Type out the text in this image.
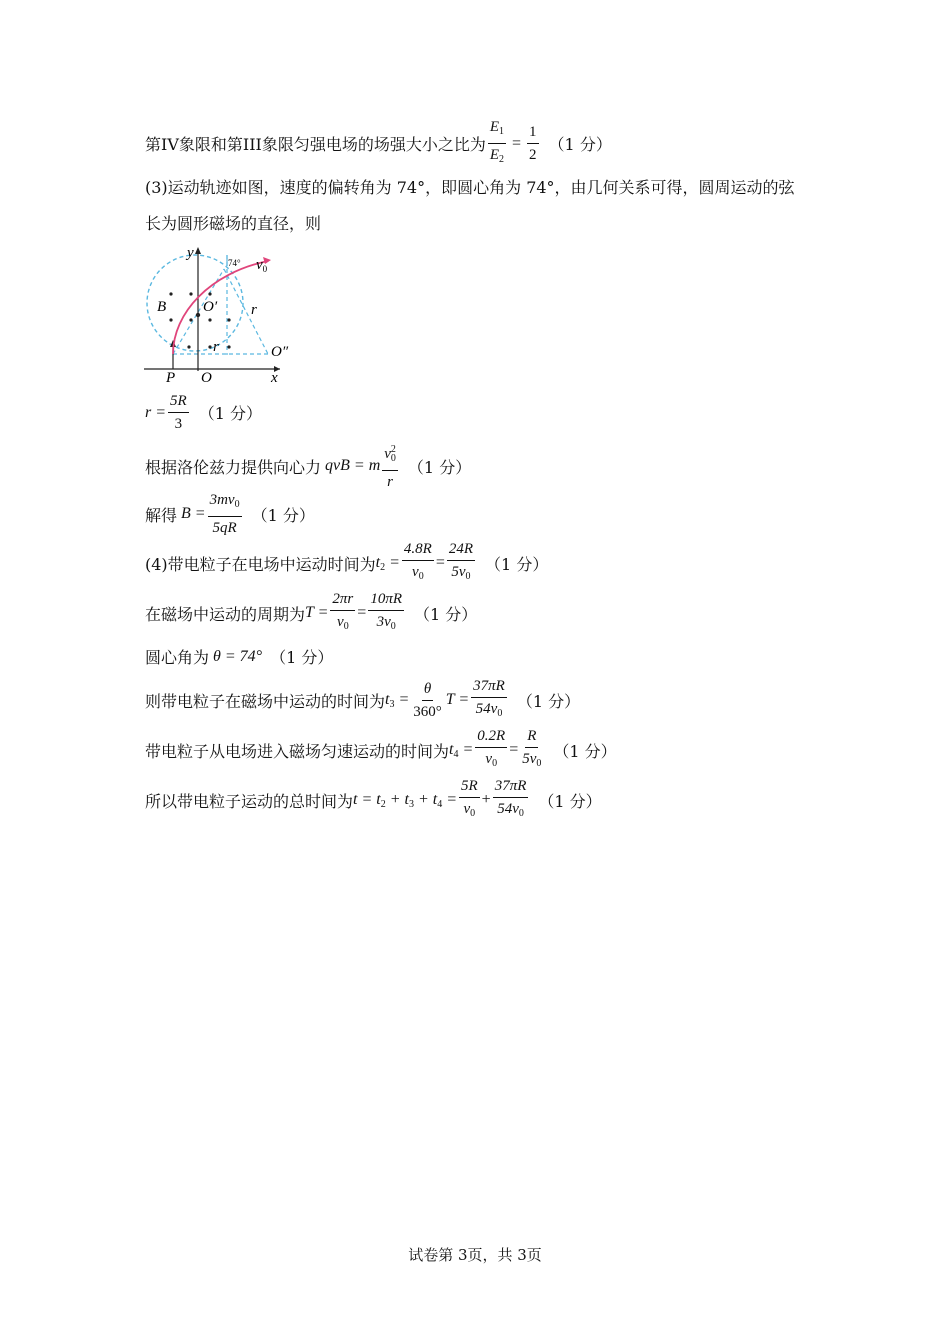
第IV象限和第III象限匀强电场的场强大小之比为 $\frac{E_1}{E_2} = \frac{1}{2} (1$ 分）
(3)运动轨迹如图，速度的偏转角为 74°，即圆心角为 74°，由几何关系可得，圆周运动的弦
长为圆形磁场的直径，则
y
x
74° $v_0$
B O′ r
r	O″
P O
$r = \frac{5R}{3} (1$ 分）
根据洛伦兹力提供向心力 qvB = m $\frac{v_0^2}{r} (1$ 分）
解得 $B = \frac{3mv_0}{5qR} (1$ 分）
(4)带电粒子在电场中运动时间为 $t_2 = \frac{4.8R}{v_0} = \frac{24R}{5v_0} (1$ 分）
在磁场中运动的周期为 $T = \frac{2\pi r}{v_0} = \frac{10\pi R}{3v_0} (1$ 分）
圆心角为 θ = 74° （1 分）
则带电粒子在磁场中运动的时间为 $t_3 = \frac{\theta}{360^\circ}$ $T = \frac{37\pi R}{54v_0} (1$ 分）
带电粒子从电场进入磁场匀速运动的时间为 $t_4 = \frac{0.2R}{v_0} = \frac{R}{5v_0} (1$ 分）
所以带电粒子运动的总时间为 $t = t_2 + t_3 + t_4 = \frac{5R}{v_0} + \frac{37\pi R}{54v_0} (1$ 分）
试卷第 3页，共 3页
